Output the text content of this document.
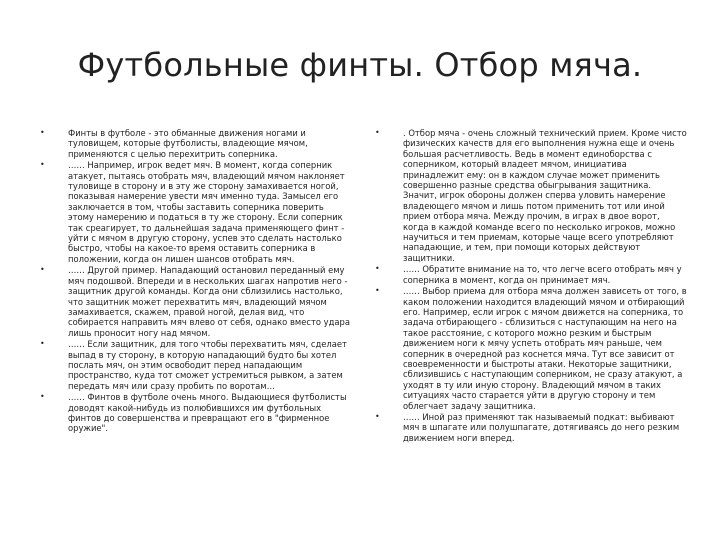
Футбольные финты. Отбор мяча.
•	Финты в футболе - это обманные движения ногами и туловищем, которые футболисты, владеющие мячом, применяются с целью перехитрить соперника.
•	…… Например, игрок ведет мяч. В момент, когда соперник атакует, пытаясь отобрать мяч, владеющий мячом наклоняет туловище в сторону и в эту же сторону замахивается ногой, показывая намерение увести мяч именно туда. Замысел его заключается в том, чтобы заставить соперника поверить этому намерению и податься в ту же сторону. Если соперник так среагирует, то дальнейшая задача применяющего финт - уйти с мячом в другую сторону, успев это сделать настолько быстро, чтобы на какое-то время оставить соперника в положении, когда он лишен шансов отобрать мяч.
•	…… Другой пример. Нападающий остановил переданный ему мяч подошвой. Впереди и в нескольких шагах напротив него - защитник другой команды. Когда они сблизились настолько, что защитник может перехватить мяч, владеющий мячом замахивается, скажем, правой ногой, делая вид, что собирается направить мяч влево от себя, однако вместо удара лишь проносит ногу над мячом.
•	…… Если защитник, для того чтобы перехватить мяч, сделает выпад в ту сторону, в которую нападающий будто бы хотел послать мяч, он этим освободит перед нападающим пространство, куда тот сможет устремиться рывком, а затем передать мяч или сразу пробить по воротам…
•	…… Финтов в футболе очень много. Выдающиеся футболисты доводят какой-нибудь из полюбившихся им футбольных финтов до совершенства и превращают его в "фирменное оружие".
•	. Отбор мяча - очень сложный технический прием. Кроме чисто физических качеств для его выполнения нужна еще и очень большая расчетливость. Ведь в момент единоборства с соперником, который владеет мячом, инициатива принадлежит ему: он в каждом случае может применить совершенно разные средства обыгрывания защитника. Значит, игрок обороны должен сперва уловить намерение владеющего мячом и лишь потом применить тот или иной прием отбора мяча. Между прочим, в играх в двое ворот, когда в каждой команде всего по несколько игроков, можно научиться и тем приемам, которые чаще всего употребляют нападающие, и тем, при помощи которых действуют защитники.
•	…… Обратите внимание на то, что легче всего отобрать мяч у соперника в момент, когда он принимает мяч.
•	…… Выбор приема для отбора мяча должен зависеть от того, в каком положении находится владеющий мячом и отбирающий его. Например, если игрок с мячом движется на соперника, то задача отбирающего - сблизиться с наступающим на него на такое расстояние, с которого можно резким и быстрым движением ноги к мячу успеть отобрать мяч раньше, чем соперник в очередной раз коснется мяча. Тут все зависит от своевременности и быстроты атаки. Некоторые защитники, сблизившись с наступающим соперником, не сразу атакуют, а уходят в ту или иную сторону. Владеющий мячом в таких ситуациях часто старается уйти в другую сторону и тем облегчает задачу защитника.
•	…… Иной раз применяют так называемый подкат: выбивают мяч в шпагате или полушпагате, дотягиваясь до него резким движением ноги вперед.
